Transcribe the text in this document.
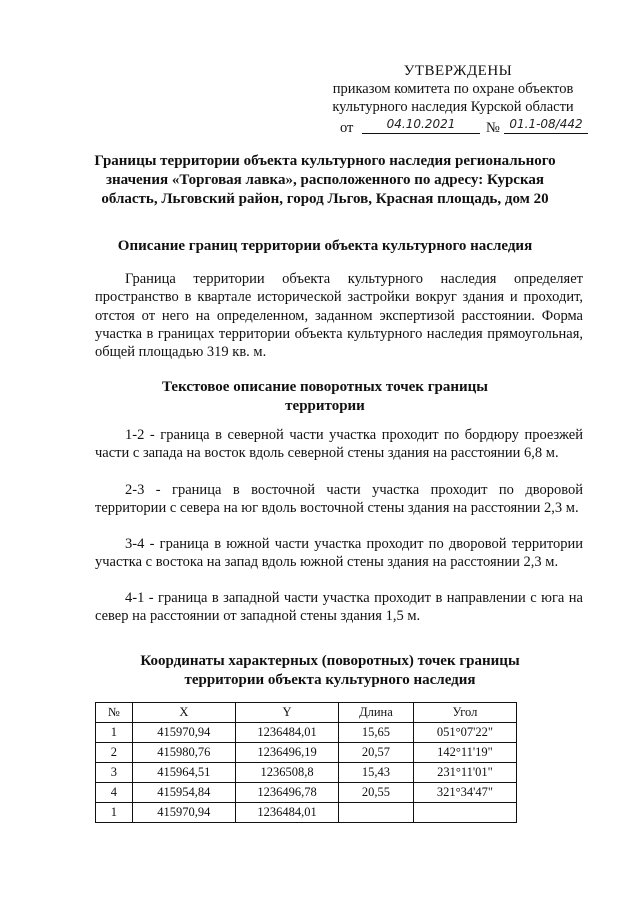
УТВЕРЖДЕНЫ
приказом комитета по охране объектов
культурного наследия Курской области
от	04.10.2021	№ 01.1-08/442
Границы территории объекта культурного наследия регионального значения «Торговая лавка», расположенного по адресу: Курская область, Льговский район, город Льгов, Красная площадь, дом 20
Описание границ территории объекта культурного наследия

Граница территории объекта культурного наследия определяет пространство в квартале исторической застройки вокруг здания и проходит, отстоя от него на определенном, заданном экспертизой расстоянии. Форма участка в границах территории объекта культурного наследия прямоугольная, общей площадью 319 кв. м.

Текстовое описание поворотных точек границы территории

1-2 - граница в северной части участка проходит по бордюру проезжей части с запада на восток вдоль северной стены здания на расстоянии 6,8 м.

2-3 - граница в восточной части участка проходит по дворовой территории с севера на юг вдоль восточной стены здания на расстоянии 2,3 м.

3-4 - граница в южной части участка проходит по дворовой территории участка с востока на запад вдоль южной стены здания на расстоянии 2,3 м.

4-1 - граница в западной части участка проходит в направлении с юга на север на расстоянии от западной стены здания 1,5 м.

Координаты характерных (поворотных) точек границы территории объекта культурного наследия
№	X	Y	Длина	Угол
1	415970,94	1236484,01	15,65	051°07'22"
2	415980,76	1236496,19	20,57	142°11'19"
3	415964,51	1236508,8	15,43	231°11'01"
4	415954,84	1236496,78	20,55	321°34'47"
1	415970,94	1236484,01		
